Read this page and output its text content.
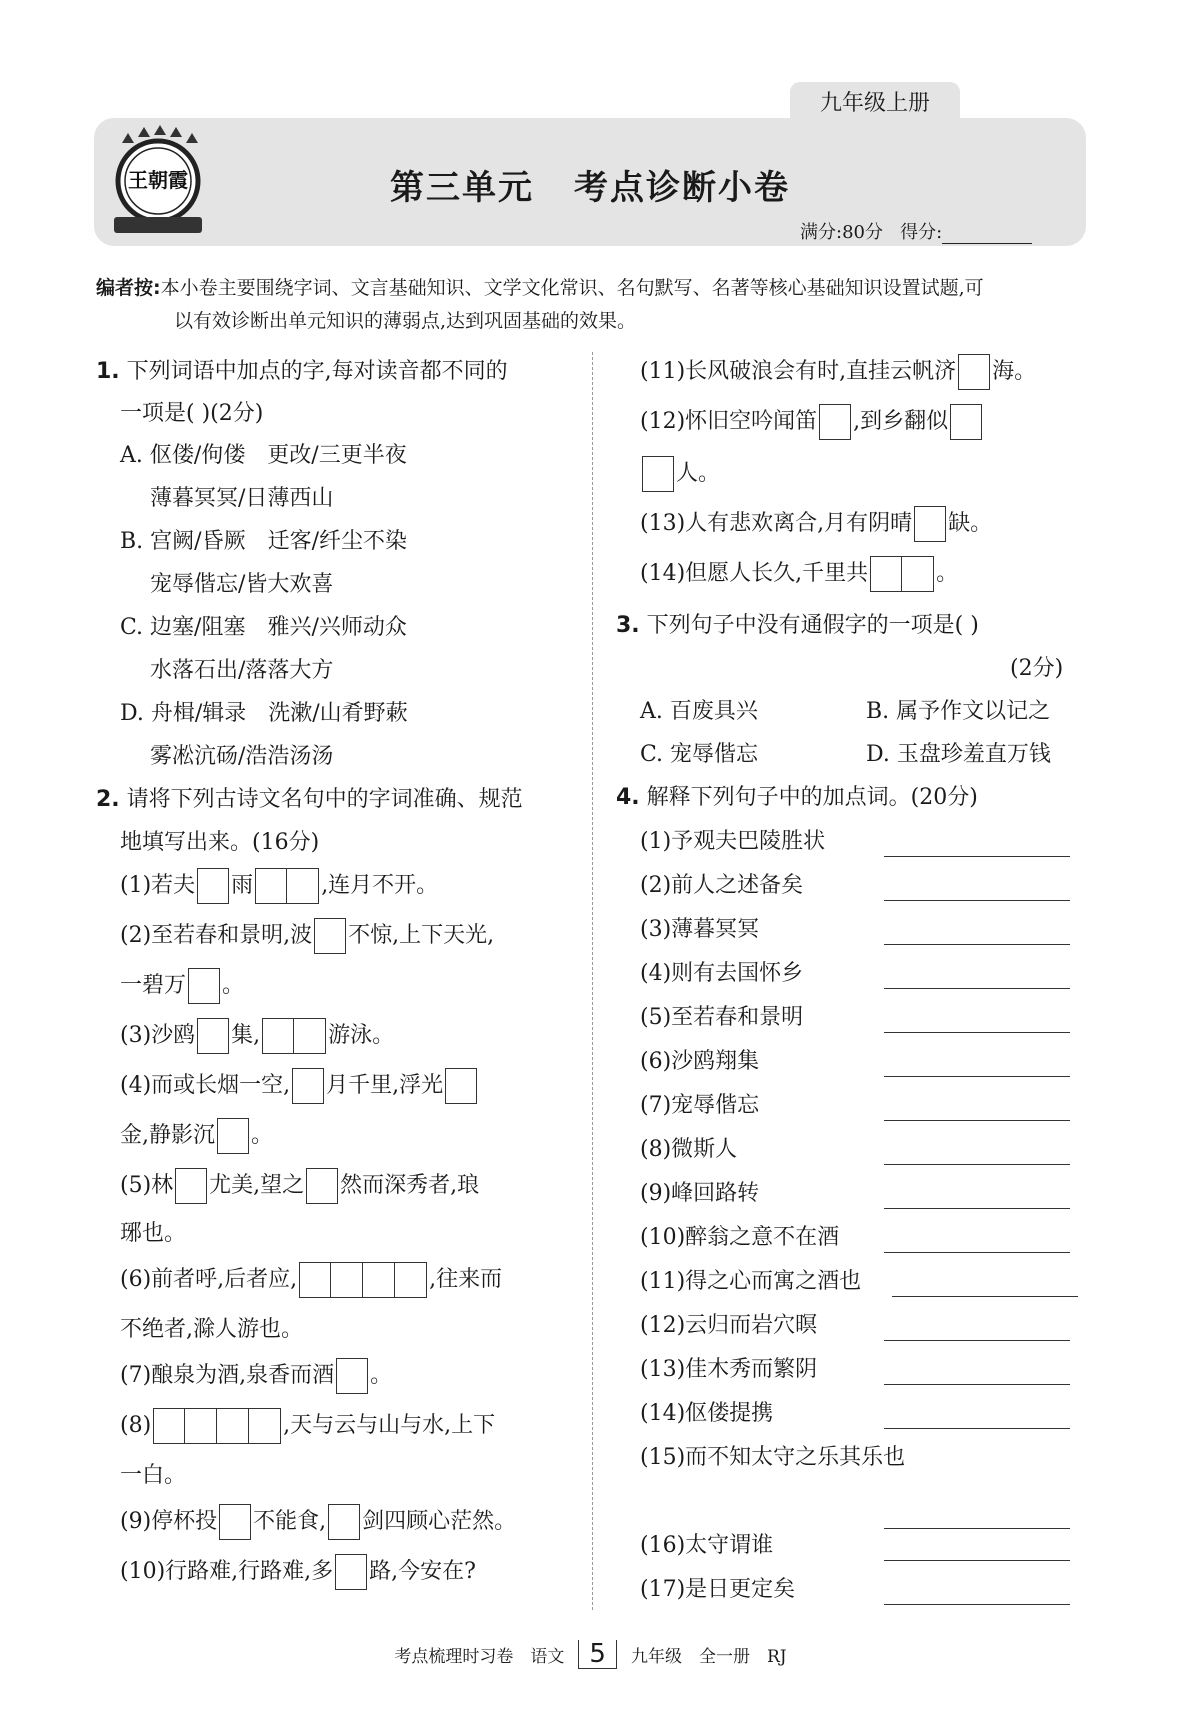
九年级上册
王朝霞	第三单元 考点诊断小卷
满分:80分 得分:
编者按:本小卷主要围绕字词、文言基础知识、文学文化常识、名句默写、名著等核心基础知识设置试题,可
以有效诊断出单元知识的薄弱点,达到巩固基础的效果。
1. 下列词语中加点的字,每对读音都不同的
一项是( )(2分)
A. 伛偻/佝偻　更改/三更半夜
薄暮冥冥/日薄西山
B. 宫阙/昏厥　迁客/纤尘不染
宠辱偕忘/皆大欢喜
C. 边塞/阻塞　雅兴/兴师动众
水落石出/落落大方
D. 舟楫/辑录　洗漱/山肴野蔌
雾凇沆砀/浩浩汤汤
2. 请将下列古诗文名句中的字词准确、规范
地填写出来。(16分)
(1)若夫 雨	,连月不开。
(2)至若春和景明,波 不惊,上下天光,
一碧万 。
(3)沙鸥 集,	游泳。
(4)而或长烟一空, 月千里,浮光
金,静影沉 。
(5)林 尤美,望之 然而深秀者,琅
琊也。
(6)前者呼,后者应,	,往来而
不绝者,滁人游也。
(7)酿泉为酒,泉香而酒 。
(8)	,天与云与山与水,上下
一白。
(9)停杯投 不能食, 剑四顾心茫然。
(10)行路难,行路难,多 路,今安在?
(11)长风破浪会有时,直挂云帆济 海。
(12)怀旧空吟闻笛 ,到乡翻似
人。
(13)人有悲欢离合,月有阴晴 缺。
(14)但愿人长久,千里共	。
3. 下列句子中没有通假字的一项是( )
(2分)
A. 百废具兴	B. 属予作文以记之
C. 宠辱偕忘	D. 玉盘珍羞直万钱
4. 解释下列句子中的加点词。(20分)
(1)予观夫巴陵胜状
(2)前人之述备矣
(3)薄暮冥冥
(4)则有去国怀乡
(5)至若春和景明
(6)沙鸥翔集
(7)宠辱偕忘
(8)微斯人
(9)峰回路转
(10)醉翁之意不在酒
(11)得之心而寓之酒也
(12)云归而岩穴暝
(13)佳木秀而繁阴
(14)伛偻提携
(15)而不知太守之乐其乐也
(16)太守谓谁
(17)是日更定矣
考点梳理时习卷　语文 5 九年级　全一册　RJ
